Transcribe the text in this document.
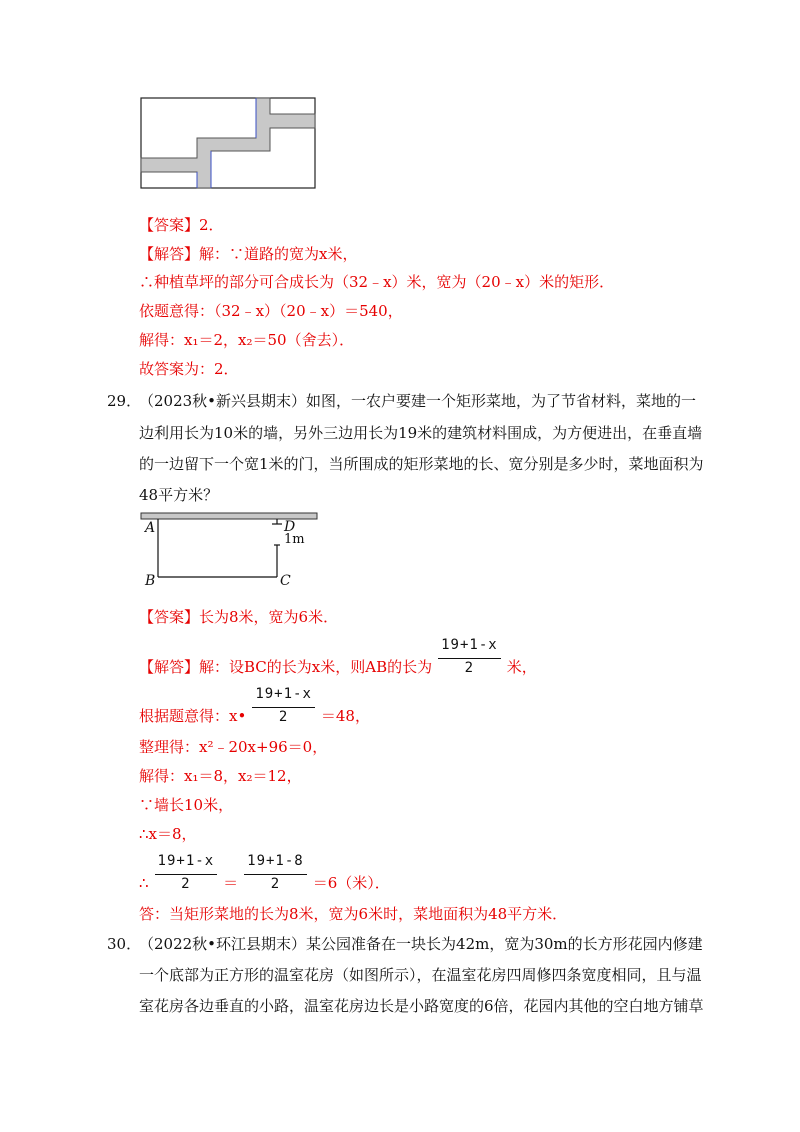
【答案】2．
【解答】解：∵道路的宽为x米，
∴种植草坪的部分可合成长为（32﹣x）米，宽为（20﹣x）米的矩形．
依题意得：（32﹣x）（20﹣x）＝540，
解得：x₁＝2，x₂＝50（舍去）．
故答案为：2．
29．
（2023秋•新兴县期末）如图，一农户要建一个矩形菜地，为了节省材料，菜地的一
边利用长为10米的墙，另外三边用长为19米的建筑材料围成，为方便进出，在垂直墙
的一边留下一个宽1米的门，当所围成的矩形菜地的长、宽分别是多少时，菜地面积为
48平方米？
A	D
1m
B	C
【答案】长为8米，宽为6米．
【解答】解：设BC的长为x米，则AB的长为 $\frac{19+1-x}{2}$ 米，
根据题意得：x• $\frac{19+1-x}{2} =48$，
整理得：x²﹣20x+96＝0，
解得：x₁＝8，x₂＝12，
∵墙长10米，
∴x＝8，
∴ $\frac{19+1-x}{2} = \frac{19+1-8}{2} =6$（米）．
答：当矩形菜地的长为8米，宽为6米时，菜地面积为48平方米．
30．
（2022秋•环江县期末）某公园准备在一块长为42m，宽为30m的长方形花园内修建
一个底部为正方形的温室花房（如图所示），在温室花房四周修四条宽度相同，且与温
室花房各边垂直的小路，温室花房边长是小路宽度的6倍，花园内其他的空白地方铺草
